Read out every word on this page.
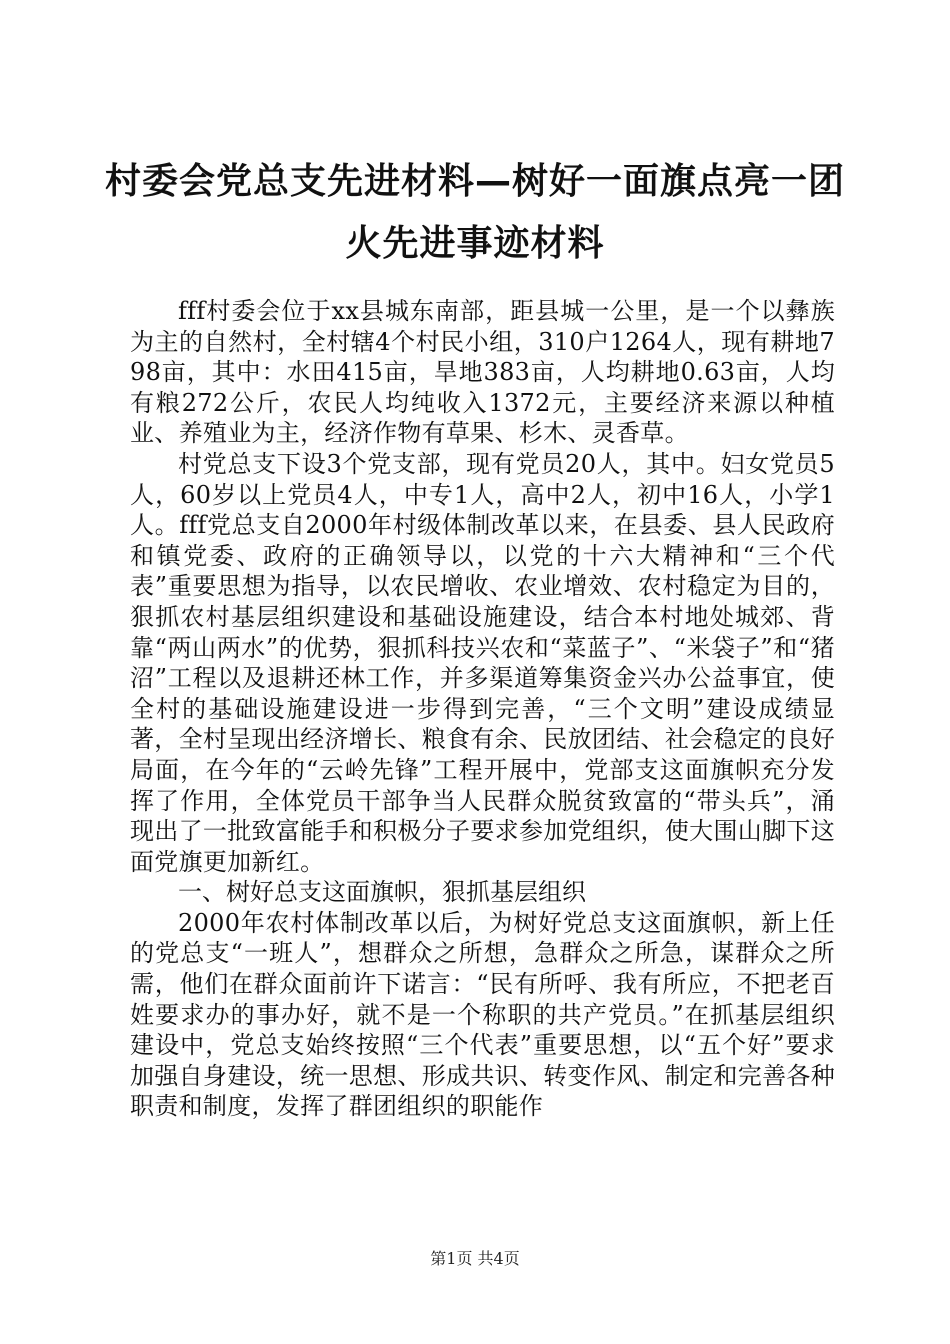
村委会党总支先进材料—树好一面旗点亮一团
火先进事迹材料

fff村委会位于xx县城东南部，距县城一公里，是一个以彝族为主的自然村，全村辖4个村民小组，310户1264人，现有耕地798亩，其中：水田415亩，旱地383亩，人均耕地0.63亩，人均有粮272公斤，农民人均纯收入1372元，主要经济来源以种植业、养殖业为主，经济作物有草果、杉木、灵香草。

村党总支下设3个党支部，现有党员20人，其中。妇女党员5人，60岁以上党员4人，中专1人，高中2人，初中16人，小学1人。fff党总支自2000年村级体制改革以来，在县委、县人民政府和镇党委、政府的正确领导以，以党的十六大精神和“三个代表”重要思想为指导，以农民增收、农业增效、农村稳定为目的，狠抓农村基层组织建设和基础设施建设，结合本村地处城郊、背靠“两山两水”的优势，狠抓科技兴农和“菜蓝子”、“米袋子”和“猪沼”工程以及退耕还林工作，并多渠道筹集资金兴办公益事宜，使全村的基础设施建设进一步得到完善，“三个文明”建设成绩显著，全村呈现出经济增长、粮食有余、民放团结、社会稳定的良好局面，在今年的“云岭先锋”工程开展中，党部支这面旗帜充分发挥了作用，全体党员干部争当人民群众脱贫致富的“带头兵”，涌现出了一批致富能手和积极分子要求参加党组织，使大围山脚下这面党旗更加新红。

一、树好总支这面旗帜，狠抓基层组织

2000年农村体制改革以后，为树好党总支这面旗帜，新上任的党总支“一班人”，想群众之所想，急群众之所急，谋群众之所需，他们在群众面前许下诺言：“民有所呼、我有所应，不把老百姓要求办的事办好，就不是一个称职的共产党员。”在抓基层组织建设中，党总支始终按照“三个代表”重要思想，以“五个好”要求加强自身建设，统一思想、形成共识、转变作风、制定和完善各种职责和制度，发挥了群团组织的职能作

第1页 共4页
